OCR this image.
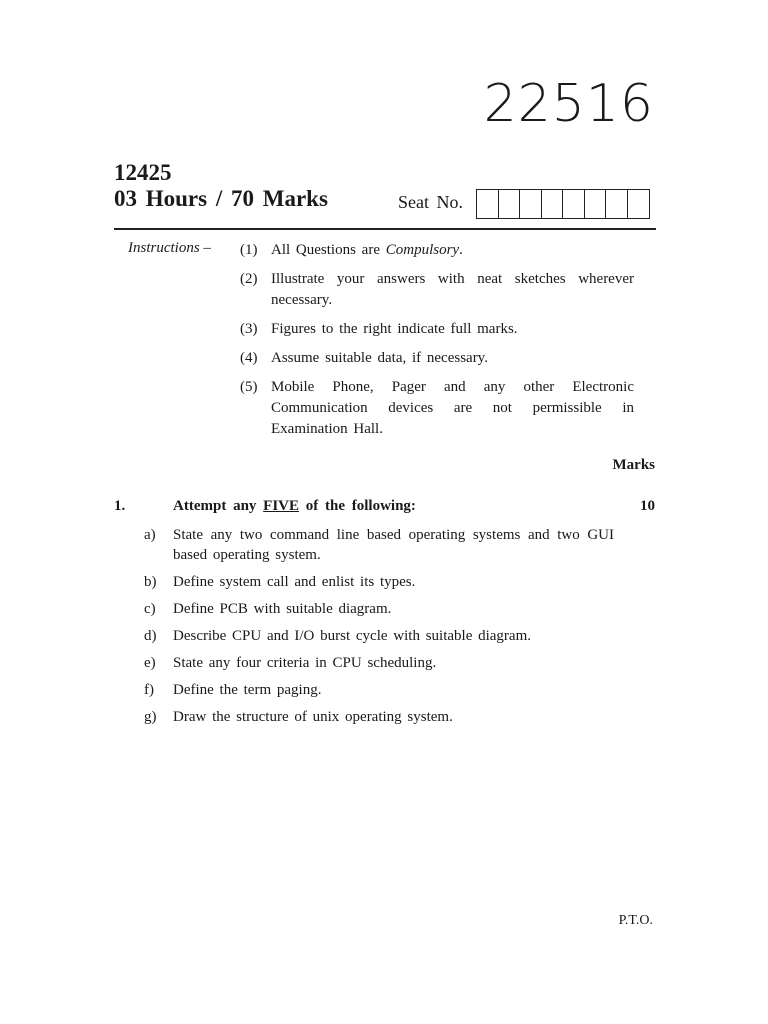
22516
12425
03 Hours / 70 Marks	Seat No.
Instructions – (1) All Questions are Compulsory.
(2) Illustrate your answers with neat sketches wherever necessary.
(3) Figures to the right indicate full marks.
(4) Assume suitable data, if necessary.
(5) Mobile Phone, Pager and any other Electronic Communication devices are not permissible in Examination Hall.
Marks
1.	Attempt any FIVE of the following:	10
a)	State any two command line based operating systems and two GUI based operating system.
b)	Define system call and enlist its types.
c)	Define PCB with suitable diagram.
d)	Describe CPU and I/O burst cycle with suitable diagram.
e)	State any four criteria in CPU scheduling.
f)	Define the term paging.
g)	Draw the structure of unix operating system.
P.T.O.
